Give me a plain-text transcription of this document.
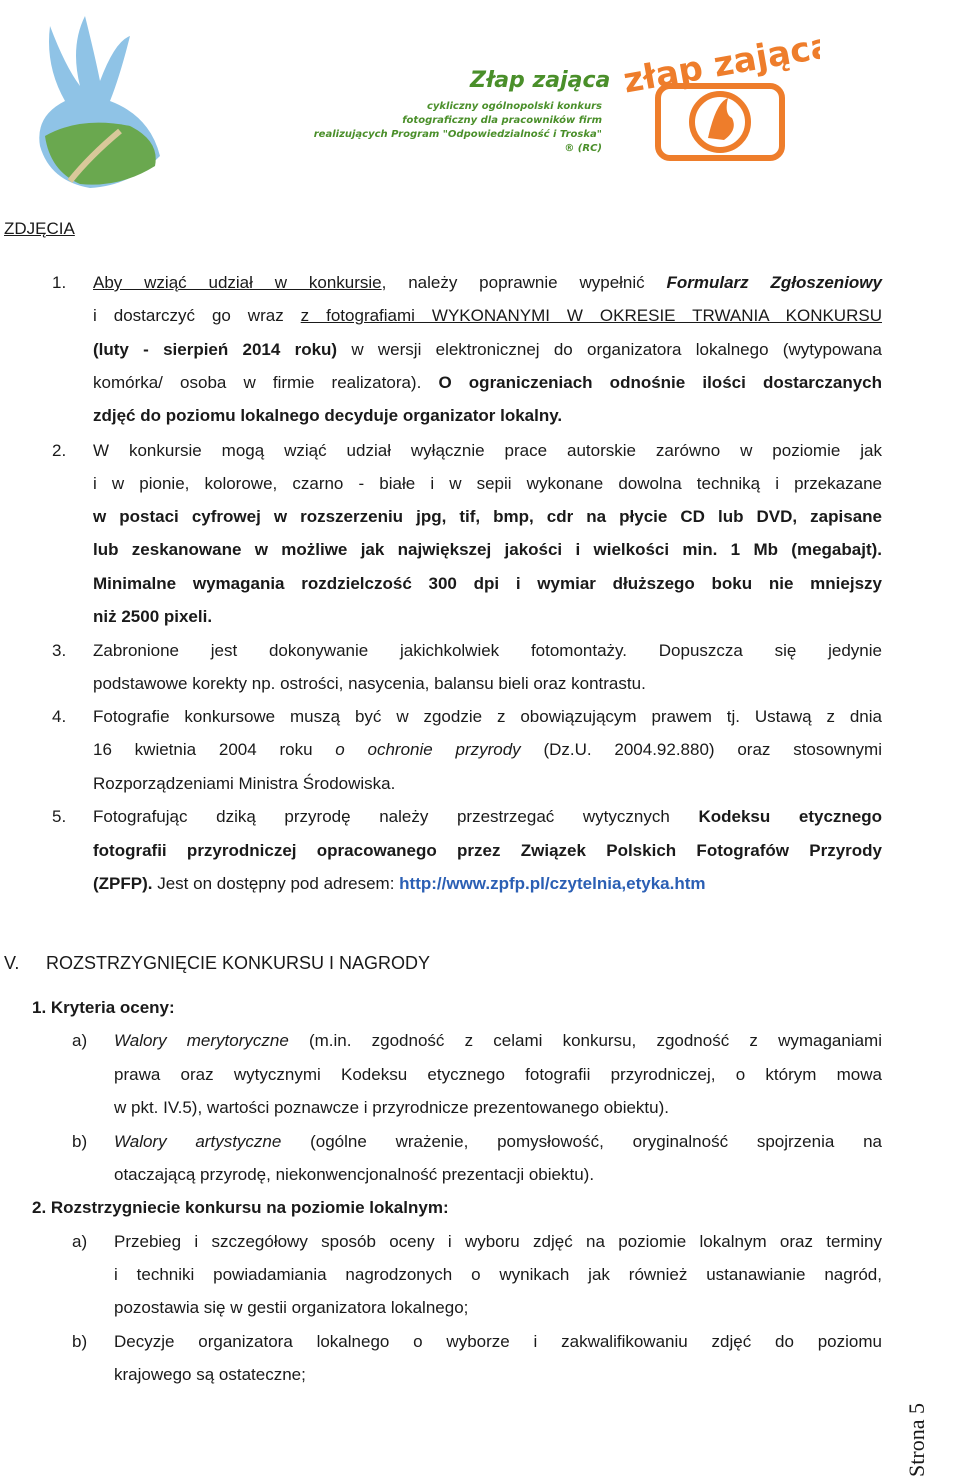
Złap zająca
cykliczny ogólnopolski konkurs
fotograficzny dla pracowników firm
realizujących Program "Odpowiedzialność i Troska" ® (RC)
złap zająca
ZDJĘCIA
1. Aby wziąć udział w konkursie, należy poprawnie wypełnić Formularz Zgłoszeniowy
i dostarczyć go wraz z fotografiami WYKONANYMI W OKRESIE TRWANIA KONKURSU
(luty - sierpień 2014 roku) w wersji elektronicznej do organizatora lokalnego (wytypowana
komórka/ osoba w firmie realizatora). O ograniczeniach odnośnie ilości dostarczanych
zdjęć do poziomu lokalnego decyduje organizator lokalny.
2. W konkursie mogą wziąć udział wyłącznie prace autorskie zarówno w poziomie jak
i w pionie, kolorowe, czarno - białe i w sepii wykonane dowolna techniką i przekazane
w postaci cyfrowej w rozszerzeniu jpg, tif, bmp, cdr na płycie CD lub DVD, zapisane
lub zeskanowane w możliwe jak największej jakości i wielkości min. 1 Mb (megabajt).
Minimalne wymagania rozdzielczość 300 dpi i wymiar dłuższego boku nie mniejszy
niż 2500 pixeli.
3. Zabronione jest dokonywanie jakichkolwiek fotomontaży. Dopuszcza się jedynie
podstawowe korekty np. ostrości, nasycenia, balansu bieli oraz kontrastu.
4. Fotografie konkursowe muszą być w zgodzie z obowiązującym prawem tj. Ustawą z dnia
16 kwietnia 2004 roku o ochronie przyrody (Dz.U. 2004.92.880) oraz stosownymi
Rozporządzeniami Ministra Środowiska.
5. Fotografując dziką przyrodę należy przestrzegać wytycznych Kodeksu etycznego
fotografii przyrodniczej opracowanego przez Związek Polskich Fotografów Przyrody
(ZPFP). Jest on dostępny pod adresem: http://www.zpfp.pl/czytelnia,etyka.htm
V. ROZSTRZYGNIĘCIE KONKURSU I NAGRODY
1. Kryteria oceny:
a) Walory merytoryczne (m.in. zgodność z celami konkursu, zgodność z wymaganiami
prawa oraz wytycznymi Kodeksu etycznego fotografii przyrodniczej, o którym mowa
w pkt. IV.5), wartości poznawcze i przyrodnicze prezentowanego obiektu).
b) Walory artystyczne (ogólne wrażenie, pomysłowość, oryginalność spojrzenia na
otaczającą przyrodę, niekonwencjonalność prezentacji obiektu).
2. Rozstrzygniecie konkursu na poziomie lokalnym:
a) Przebieg i szczegółowy sposób oceny i wyboru zdjęć na poziomie lokalnym oraz terminy
i techniki powiadamiania nagrodzonych o wynikach jak również ustanawianie nagród,
pozostawia się w gestii organizatora lokalnego;
b) Decyzje organizatora lokalnego o wyborze i zakwalifikowaniu zdjęć do poziomu
krajowego są ostateczne;
Strona 5
